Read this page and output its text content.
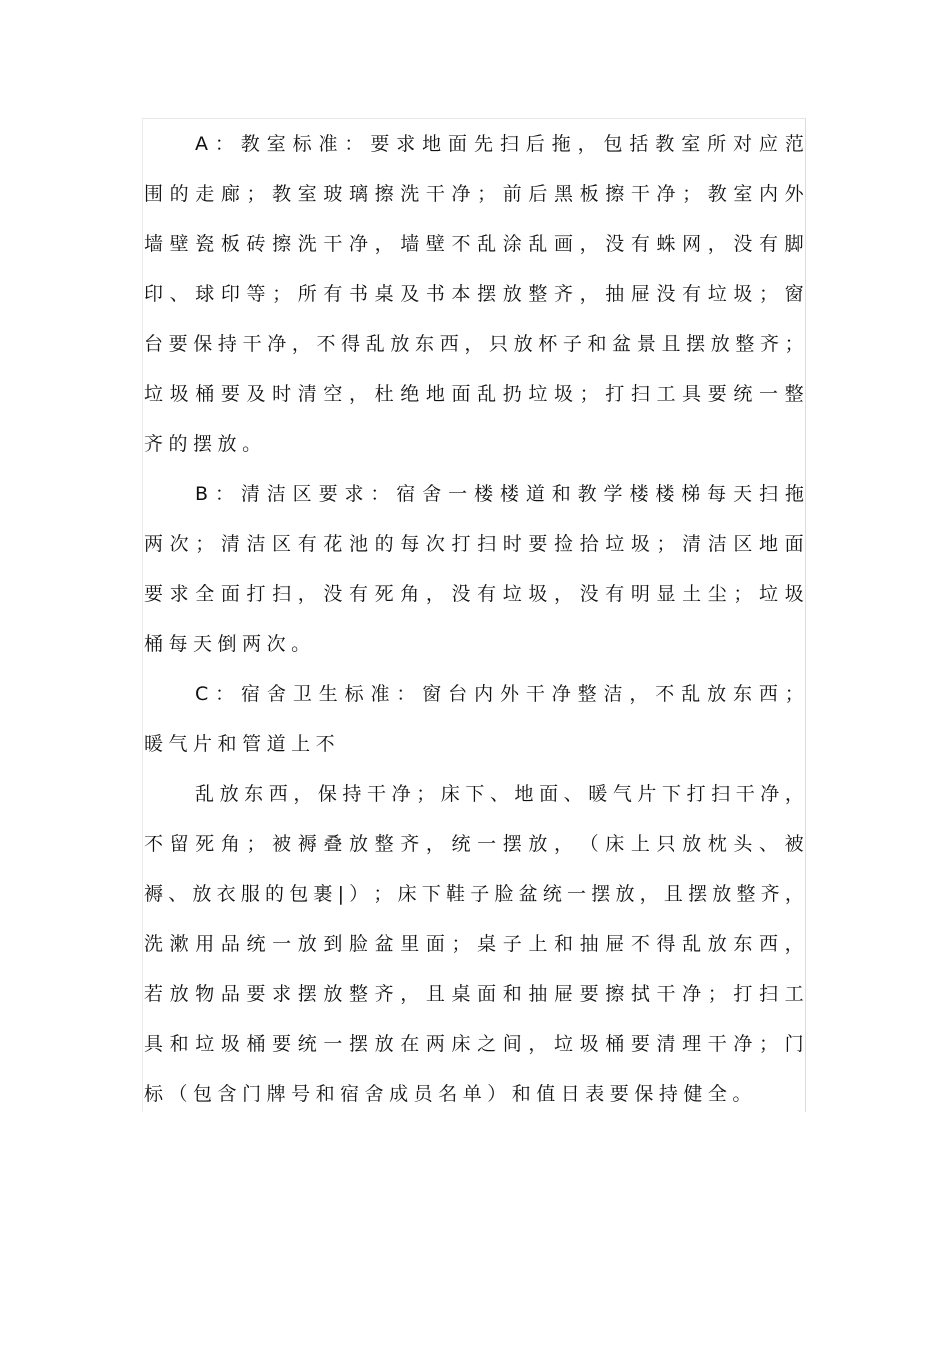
A ： 教 室 标 准 ： 要 求 地 面 先 扫 后 拖 ， 包 括 教 室 所 对 应 范
围 的 走 廊 ； 教 室 玻 璃 擦 洗 干 净 ； 前 后 黑 板 擦 干 净 ； 教 室 内 外
墙 壁 瓷 板 砖 擦 洗 干 净 ， 墙 壁 不 乱 涂 乱 画 ， 没 有 蛛 网 ， 没 有 脚
印 、 球 印 等 ； 所 有 书 桌 及 书 本 摆 放 整 齐 ， 抽 屉 没 有 垃 圾 ； 窗
台 要 保 持 干 净 ， 不 得 乱 放 东 西 ， 只 放 杯 子 和 盆 景 且 摆 放 整 齐 ；
垃 圾 桶 要 及 时 清 空 ， 杜 绝 地 面 乱 扔 垃 圾 ； 打 扫 工 具 要 统 一 整
齐 的 摆 放 。
B ： 清 洁 区 要 求 ： 宿 舍 一 楼 楼 道 和 教 学 楼 楼 梯 每 天 扫 拖
两 次 ； 清 洁 区 有 花 池 的 每 次 打 扫 时 要 捡 拾 垃 圾 ； 清 洁 区 地 面
要 求 全 面 打 扫 ， 没 有 死 角 ， 没 有 垃 圾 ， 没 有 明 显 土 尘 ； 垃 圾
桶 每 天 倒 两 次 。
C ： 宿 舍 卫 生 标 准 ： 窗 台 内 外 干 净 整 洁 ， 不 乱 放 东 西 ；
暖 气 片 和 管 道 上 不
乱 放 东 西 ， 保 持 干 净 ； 床 下 、 地 面 、 暖 气 片 下 打 扫 干 净 ，
不 留 死 角 ； 被 褥 叠 放 整 齐 ， 统 一 摆 放 ， （ 床 上 只 放 枕 头 、 被
褥 、 放 衣 服 的 包 裹 | ） ； 床 下 鞋 子 脸 盆 统 一 摆 放 ， 且 摆 放 整 齐 ，
洗 漱 用 品 统 一 放 到 脸 盆 里 面 ； 桌 子 上 和 抽 屉 不 得 乱 放 东 西 ，
若 放 物 品 要 求 摆 放 整 齐 ， 且 桌 面 和 抽 屉 要 擦 拭 干 净 ； 打 扫 工
具 和 垃 圾 桶 要 统 一 摆 放 在 两 床 之 间 ， 垃 圾 桶 要 清 理 干 净 ； 门
标 （ 包 含 门 牌 号 和 宿 舍 成 员 名 单 ） 和 值 日 表 要 保 持 健 全 。
